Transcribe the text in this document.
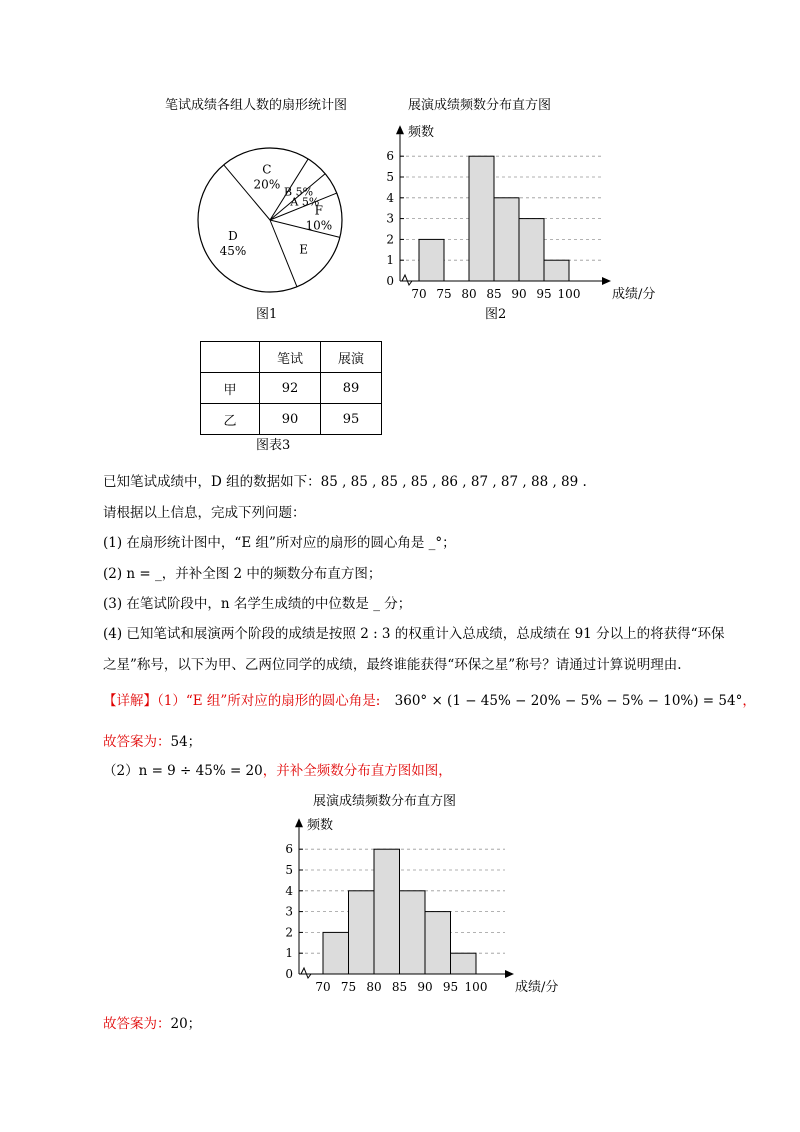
笔试成绩各组人数的扇形统计图	展演成绩频数分布直方图
C
20%
B 5%
A 5%
F
10%
E
D
45%
图1
0
1
2
3
4
5
6
70 75 80 85 90 95 100 成绩/分
频数
图2
	笔试	展演
甲	92	89
乙	90	95
图表3
已知笔试成绩中，D 组的数据如下：85 , 85 , 85 , 85 , 86 , 87 , 87 , 88 , 89 .
请根据以上信息，完成下列问题：
(1) 在扇形统计图中，“E 组”所对应的扇形的圆心角是 _°；
(2) n = _，并补全图 2 中的频数分布直方图；
(3) 在笔试阶段中，n 名学生成绩的中位数是 _ 分；
(4) 已知笔试和展演两个阶段的成绩是按照 2 : 3 的权重计入总成绩，总成绩在 91 分以上的将获得“环保
之星”称号，以下为甲、乙两位同学的成绩，最终谁能获得“环保之星”称号？请通过计算说明理由.
【详解】（1）“E 组”所对应的扇形的圆心角是: 360° × (1 − 45% − 20% − 5% − 5% − 10%) = 54°，
故答案为：54；
（2）n = 9 ÷ 45% = 20，并补全频数分布直方图如图，
展演成绩频数分布直方图
0
1
2
3
4
5
6
70 75 80 85 90 95 100 成绩/分
频数
故答案为：20；
